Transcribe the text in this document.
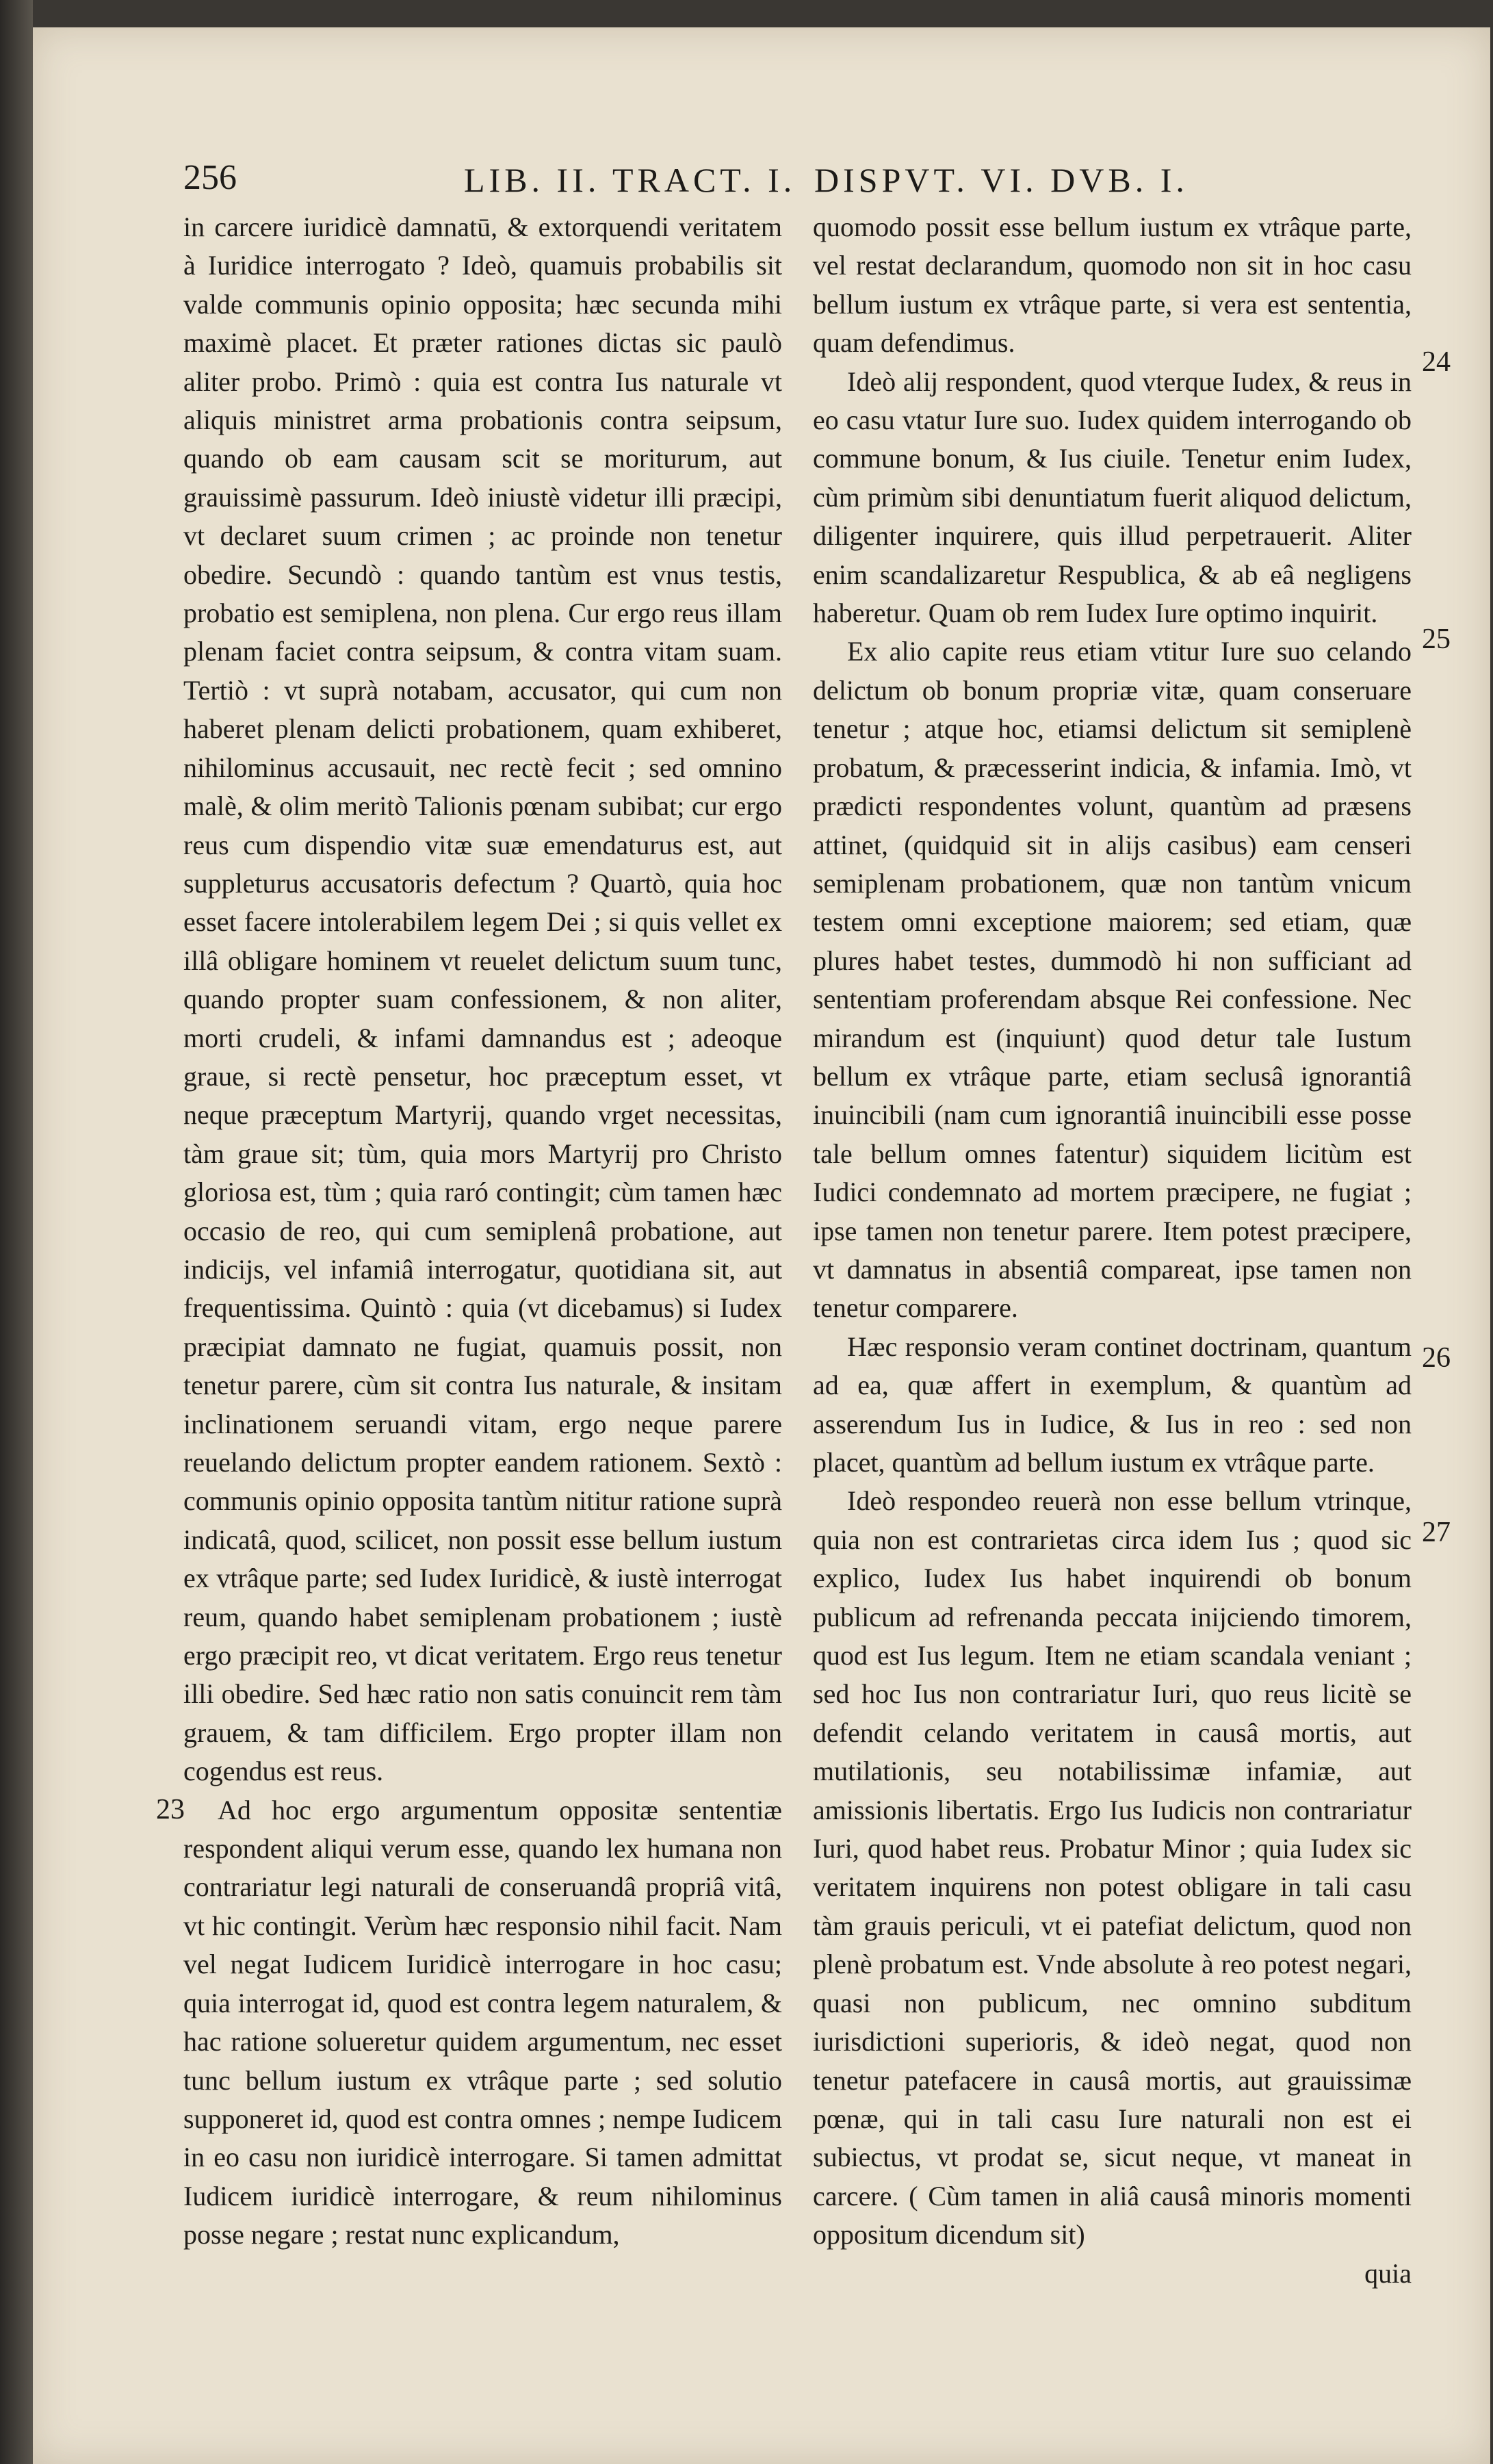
256	LIB. II. TRACT. I. DISPVT. VI. DVB. I.

in carcere iuridicè damnatū, & extorquendi veritatem à Iuridice interrogato ? Ideò, quamuis probabilis sit valde communis opinio opposita; hæc secunda mihi maximè placet. Et præter rationes dictas sic paulò aliter probo. Primò : quia est contra Ius naturale vt aliquis ministret arma probationis contra seipsum, quando ob eam causam scit se moriturum, aut grauissimè passurum. Ideò iniustè videtur illi præcipi, vt declaret suum crimen ; ac proinde non tenetur obedire. Secundò : quando tantùm est vnus testis, probatio est semiplena, non plena. Cur ergo reus illam plenam faciet contra seipsum, & contra vitam suam. Tertiò : vt suprà notabam, accusator, qui cum non haberet plenam delicti probationem, quam exhiberet, nihilominus accusauit, nec rectè fecit ; sed omnino malè, & olim meritò Talionis pœnam subibat; cur ergo reus cum dispendio vitæ suæ emendaturus est, aut suppleturus accusatoris defectum ? Quartò, quia hoc esset facere intolerabilem legem Dei ; si quis vellet ex illâ obligare hominem vt reuelet delictum suum tunc, quando propter suam confessionem, & non aliter, morti crudeli, & infami damnandus est ; adeoque graue, si rectè pensetur, hoc præceptum esset, vt neque præceptum Martyrij, quando vrget necessitas, tàm graue sit; tùm, quia mors Martyrij pro Christo gloriosa est, tùm ; quia raró contingit; cùm tamen hæc occasio de reo, qui cum semiplenâ probatione, aut indicijs, vel infamiâ interrogatur, quotidiana sit, aut frequentissima. Quintò : quia (vt dicebamus) si Iudex præcipiat damnato ne fugiat, quamuis possit, non tenetur parere, cùm sit contra Ius naturale, & insitam inclinationem seruandi vitam, ergo neque parere reuelando delictum propter eandem rationem. Sextò : communis opinio opposita tantùm nititur ratione suprà indicatâ, quod, scilicet, non possit esse bellum iustum ex vtrâque parte; sed Iudex Iuridicè, & iustè interrogat reum, quando habet semiplenam probationem ; iustè ergo præcipit reo, vt dicat veritatem. Ergo reus tenetur illi obedire. Sed hæc ratio non satis conuincit rem tàm grauem, & tam difficilem. Ergo propter illam non cogendus est reus.

Ad hoc ergo argumentum oppositæ sententiæ respondent aliqui verum esse, quando lex humana non contrariatur legi naturali de conseruandâ propriâ vitâ, vt hic contingit. Verùm hæc responsio nihil facit. Nam vel negat Iudicem Iuridicè interrogare in hoc casu; quia interrogat id, quod est contra legem naturalem, & hac ratione solueretur quidem argumentum, nec esset tunc bellum iustum ex vtrâque parte ; sed solutio supponeret id, quod est contra omnes ; nempe Iudicem in eo casu non iuridicè interrogare. Si tamen admittat Iudicem iuridicè interrogare, & reum nihilominus posse negare ; restat nunc explicandum,

quomodo possit esse bellum iustum ex vtrâque parte, vel restat declarandum, quomodo non sit in hoc casu bellum iustum ex vtrâque parte, si vera est sententia, quam defendimus.

Ideò alij respondent, quod vterque Iudex, & reus in eo casu vtatur Iure suo. Iudex quidem interrogando ob commune bonum, & Ius ciuile. Tenetur enim Iudex, cùm primùm sibi denuntiatum fuerit aliquod delictum, diligenter inquirere, quis illud perpetrauerit. Aliter enim scandalizaretur Respublica, & ab eâ negligens haberetur. Quam ob rem Iudex Iure optimo inquirit.

Ex alio capite reus etiam vtitur Iure suo celando delictum ob bonum propriæ vitæ, quam conseruare tenetur ; atque hoc, etiamsi delictum sit semiplenè probatum, & præcesserint indicia, & infamia. Imò, vt prædicti respondentes volunt, quantùm ad præsens attinet, (quidquid sit in alijs casibus) eam censeri semiplenam probationem, quæ non tantùm vnicum testem omni exceptione maiorem; sed etiam, quæ plures habet testes, dummodò hi non sufficiant ad sententiam proferendam absque Rei confessione. Nec mirandum est (inquiunt) quod detur tale Iustum bellum ex vtrâque parte, etiam seclusâ ignorantiâ inuincibili (nam cum ignorantiâ inuincibili esse posse tale bellum omnes fatentur) siquidem licitùm est Iudici condemnato ad mortem præcipere, ne fugiat ; ipse tamen non tenetur parere. Item potest præcipere, vt damnatus in absentiâ compareat, ipse tamen non tenetur comparere.

Hæc responsio veram continet doctrinam, quantum ad ea, quæ affert in exemplum, & quantùm ad asserendum Ius in Iudice, & Ius in reo : sed non placet, quantùm ad bellum iustum ex vtrâque parte.

Ideò respondeo reuerà non esse bellum vtrinque, quia non est contrarietas circa idem Ius ; quod sic explico, Iudex Ius habet inquirendi ob bonum publicum ad refrenanda peccata inijciendo timorem, quod est Ius legum. Item ne etiam scandala veniant ; sed hoc Ius non contrariatur Iuri, quo reus licitè se defendit celando veritatem in causâ mortis, aut mutilationis, seu notabilissimæ infamiæ, aut amissionis libertatis. Ergo Ius Iudicis non contrariatur Iuri, quod habet reus. Probatur Minor ; quia Iudex sic veritatem inquirens non potest obligare in tali casu tàm grauis periculi, vt ei patefiat delictum, quod non plenè probatum est. Vnde absolute à reo potest negari, quasi non publicum, nec omnino subditum iurisdictioni superioris, & ideò negat, quod non tenetur patefacere in causâ mortis, aut grauissimæ pœnæ, qui in tali casu Iure naturali non est ei subiectus, vt prodat se, sicut neque, vt maneat in carcere. ( Cùm tamen in aliâ causâ minoris momenti oppositum dicendum sit)

quia

23
24
25
26
27
